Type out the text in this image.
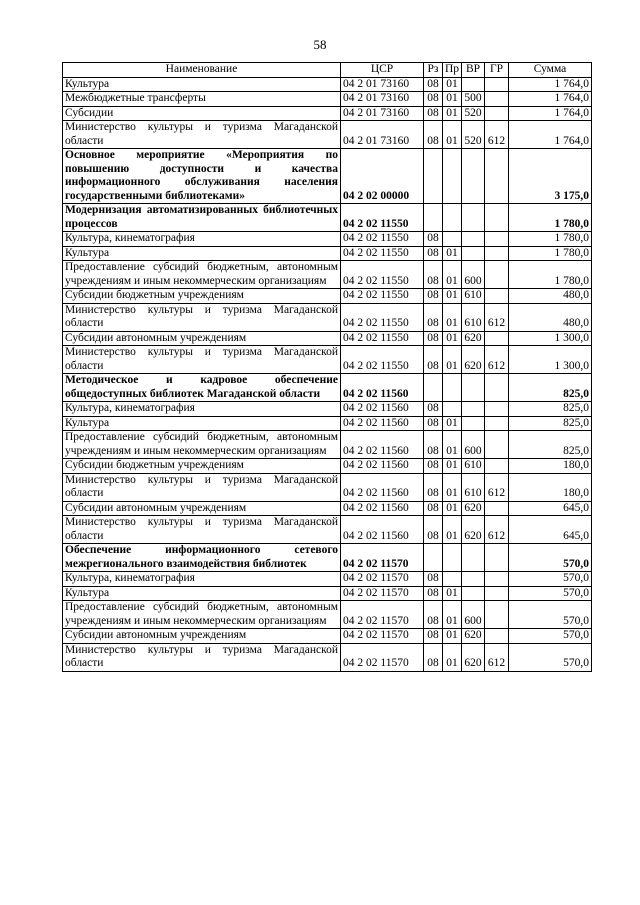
58
Наименование	ЦСР	Рз	Пр	ВР	ГР	Сумма
Культура	04 2 01 73160	08	01			1 764,0
Межбюджетные трансферты	04 2 01 73160	08	01	500		1 764,0
Субсидии	04 2 01 73160	08	01	520		1 764,0
Министерство культуры и туризма Магаданской области	04 2 01 73160	08	01	520	612	1 764,0
Основное мероприятие «Мероприятия по повышению доступности и качества информационного обслуживания населения государственными библиотеками»	04 2 02 00000					3 175,0
Модернизация автоматизированных библиотечных процессов	04 2 02 11550					1 780,0
Культура, кинематография	04 2 02 11550	08				1 780,0
Культура	04 2 02 11550	08	01			1 780,0
Предоставление субсидий бюджетным, автономным учреждениям и иным некоммерческим организациям	04 2 02 11550	08	01	600		1 780,0
Субсидии бюджетным учреждениям	04 2 02 11550	08	01	610		480,0
Министерство культуры и туризма Магаданской области	04 2 02 11550	08	01	610	612	480,0
Субсидии автономным учреждениям	04 2 02 11550	08	01	620		1 300,0
Министерство культуры и туризма Магаданской области	04 2 02 11550	08	01	620	612	1 300,0
Методическое и кадровое обеспечение общедоступных библиотек Магаданской области	04 2 02 11560					825,0
Культура, кинематография	04 2 02 11560	08				825,0
Культура	04 2 02 11560	08	01			825,0
Предоставление субсидий бюджетным, автономным учреждениям и иным некоммерческим организациям	04 2 02 11560	08	01	600		825,0
Субсидии бюджетным учреждениям	04 2 02 11560	08	01	610		180,0
Министерство культуры и туризма Магаданской области	04 2 02 11560	08	01	610	612	180,0
Субсидии автономным учреждениям	04 2 02 11560	08	01	620		645,0
Министерство культуры и туризма Магаданской области	04 2 02 11560	08	01	620	612	645,0
Обеспечение информационного сетевого межрегионального взаимодействия библиотек	04 2 02 11570					570,0
Культура, кинематография	04 2 02 11570	08				570,0
Культура	04 2 02 11570	08	01			570,0
Предоставление субсидий бюджетным, автономным учреждениям и иным некоммерческим организациям	04 2 02 11570	08	01	600		570,0
Субсидии автономным учреждениям	04 2 02 11570	08	01	620		570,0
Министерство культуры и туризма Магаданской области	04 2 02 11570	08	01	620	612	570,0
